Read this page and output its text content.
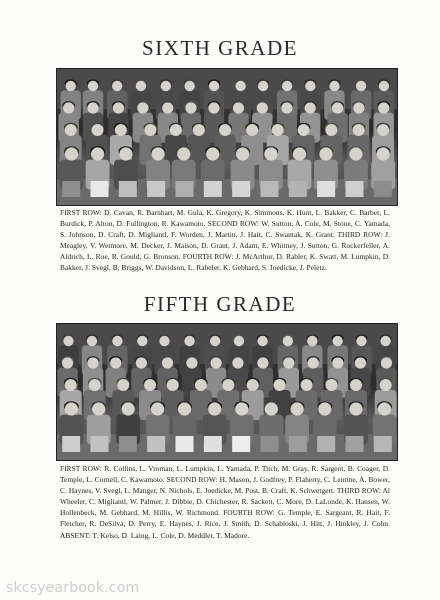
SIXTH GRADE
FIRST ROW: D. Cavan, R. Barnhart, M. Gula, K. Gregory, K. Simmons, K. Hunt, L. Bakker, C. Barber, L. Burdick, P. Alton, D. Fullington, R. Kawamoto. SECOND ROW: W. Sutton, A. Cole, M. Stone, C. Yamada, S. Johnson, D. Craft, D. Migliantl, F. Worden, J. Martin, J. Hait, C. Swantak, K. Grant. THIRD ROW: J. Meagley, V. Wetmore, M. Decker, J. Maison, D. Grant, J. Adam, E. Whitney, J. Sutton, G. Rockerfeller, A. Aldrich, L. Roe, R. Gould, G. Bronson. FOURTH ROW: J. McArthur, D. Rabler, K. Swatt, M. Lumpkin, D. Bakker, J. Svegl, B. Briggs, W. Davidson, L. Rabeler, K. Gebhard, S. Joedicke, J. Peletz.
FIFTH GRADE
FIRST ROW: R. Collins, L. Vroman, L. Lumpkin, L. Yamada, P. Titch, M. Gray, R. Sargent, B. Coager, D. Temple, L. Cornell, C. Kawamoto. SECOND ROW: H. Mason, J. Godfrey, P. Flaherty, C. Lentine, A. Bower, C. Haynes, V. Svegl, L. Manger, N. Nichols, E. Joedicke, M. Post, B. Craft, K. Schwetgert. THIRD ROW: Al Wheeler, C. Migliantl, W. Palmer, J. Dibbie, D. Chichester, R. Sackett, C. More, D. LaLonde, K. Hansen, W. Hollenbeck, M. Gebhard, M. Hillis, W. Richmond. FOURTH ROW: G. Temple, E. Sargeant, R. Hait, F. Fletcher, R. DeSilva, D. Perry, E. Haynes, J. Rice, J. Smith, D. Schabloski, J. Hitt, J. Hinkley, J. Cohn. ABSENT: T. Kelso, D. Laing, L. Cole, D. Meddler, T. Madore.
skcsyearbook.com
